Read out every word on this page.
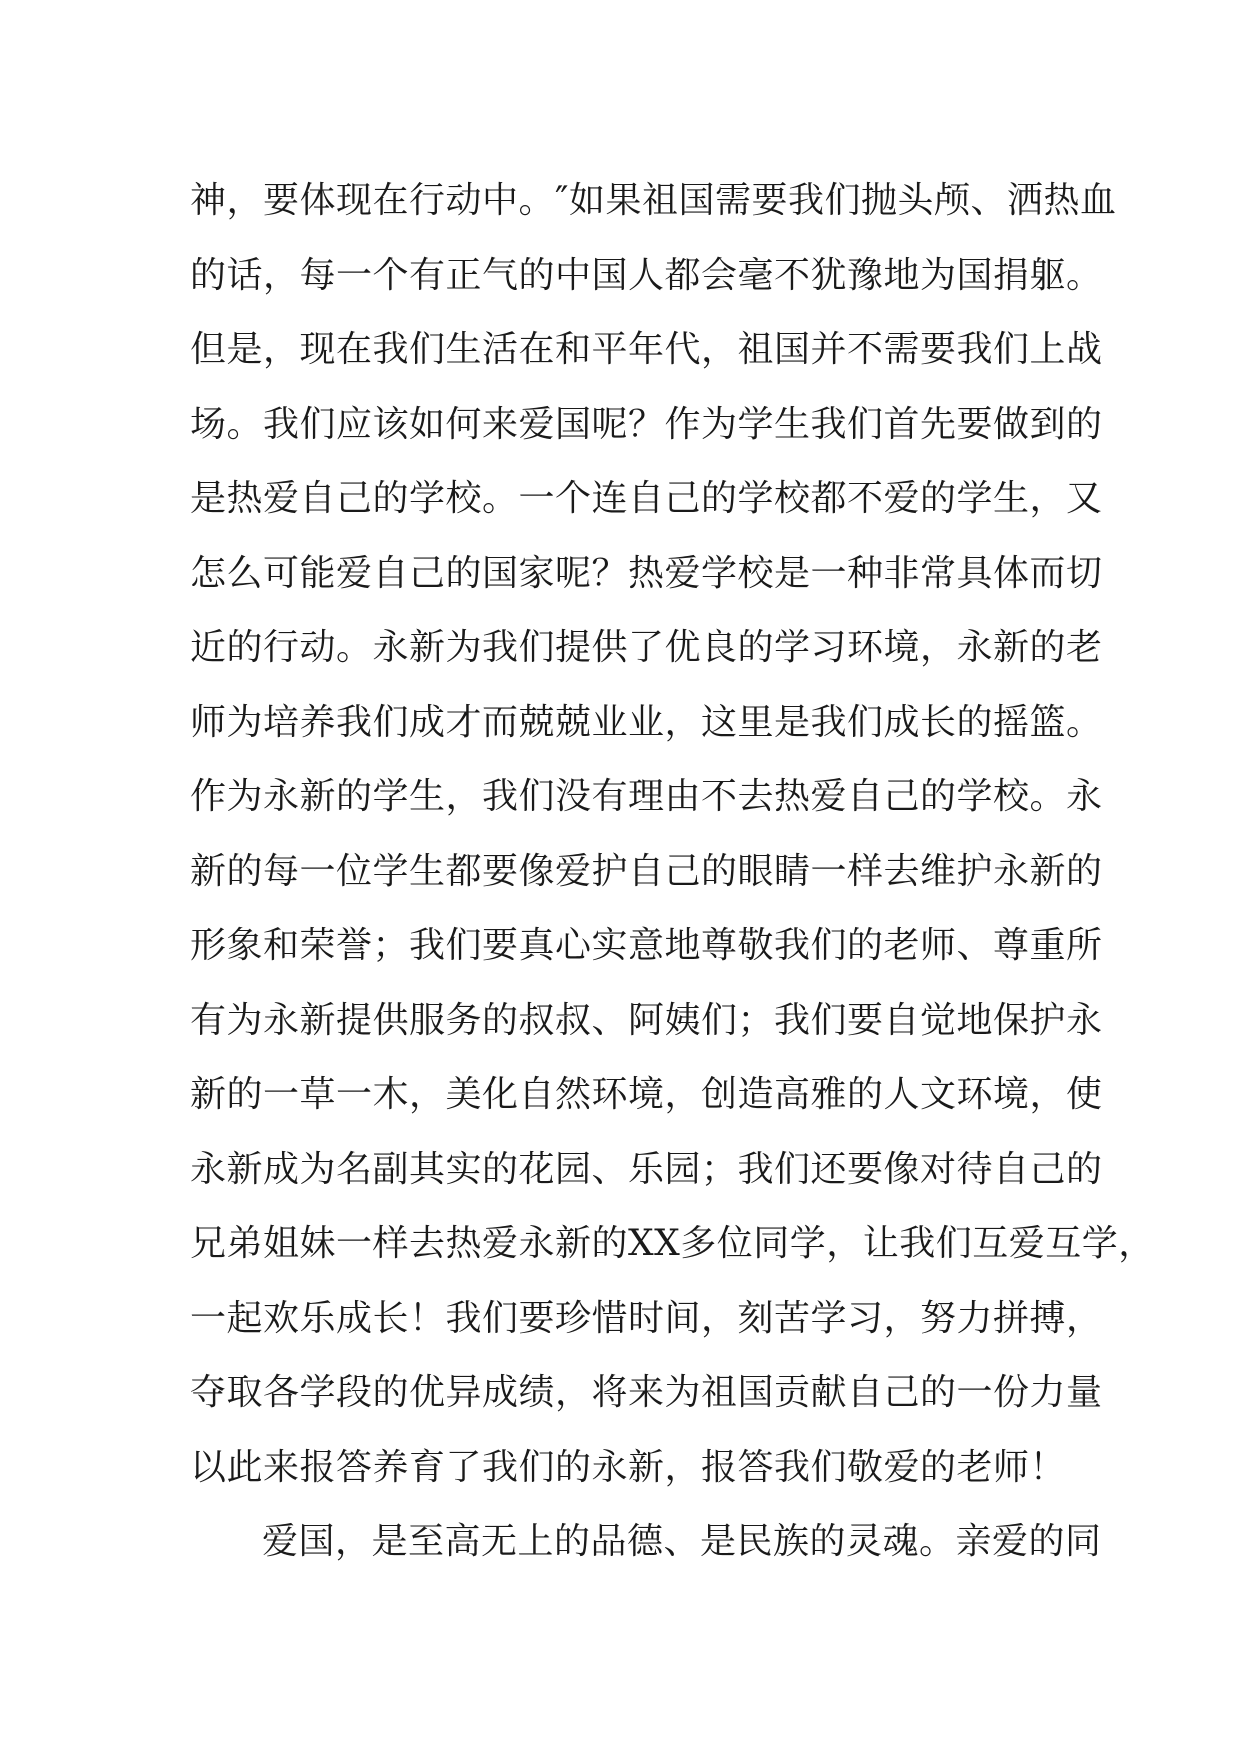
神，要体现在行动中。″如果祖国需要我们抛头颅、洒热血
的话，每一个有正气的中国人都会毫不犹豫地为国捐躯。
但是，现在我们生活在和平年代，祖国并不需要我们上战
场。我们应该如何来爱国呢？作为学生我们首先要做到的
是热爱自己的学校。一个连自己的学校都不爱的学生，又
怎么可能爱自己的国家呢？热爱学校是一种非常具体而切
近的行动。永新为我们提供了优良的学习环境，永新的老
师为培养我们成才而兢兢业业，这里是我们成长的摇篮。
作为永新的学生，我们没有理由不去热爱自己的学校。永
新的每一位学生都要像爱护自己的眼睛一样去维护永新的
形象和荣誉；我们要真心实意地尊敬我们的老师、尊重所
有为永新提供服务的叔叔、阿姨们；我们要自觉地保护永
新的一草一木，美化自然环境，创造高雅的人文环境，使
永新成为名副其实的花园、乐园；我们还要像对待自己的
兄弟姐妹一样去热爱永新的XX多位同学，让我们互爱互学，
一起欢乐成长！我们要珍惜时间，刻苦学习，努力拼搏，
夺取各学段的优异成绩，将来为祖国贡献自己的一份力量
以此来报答养育了我们的永新，报答我们敬爱的老师！
爱国，是至高无上的品德、是民族的灵魂。亲爱的同
